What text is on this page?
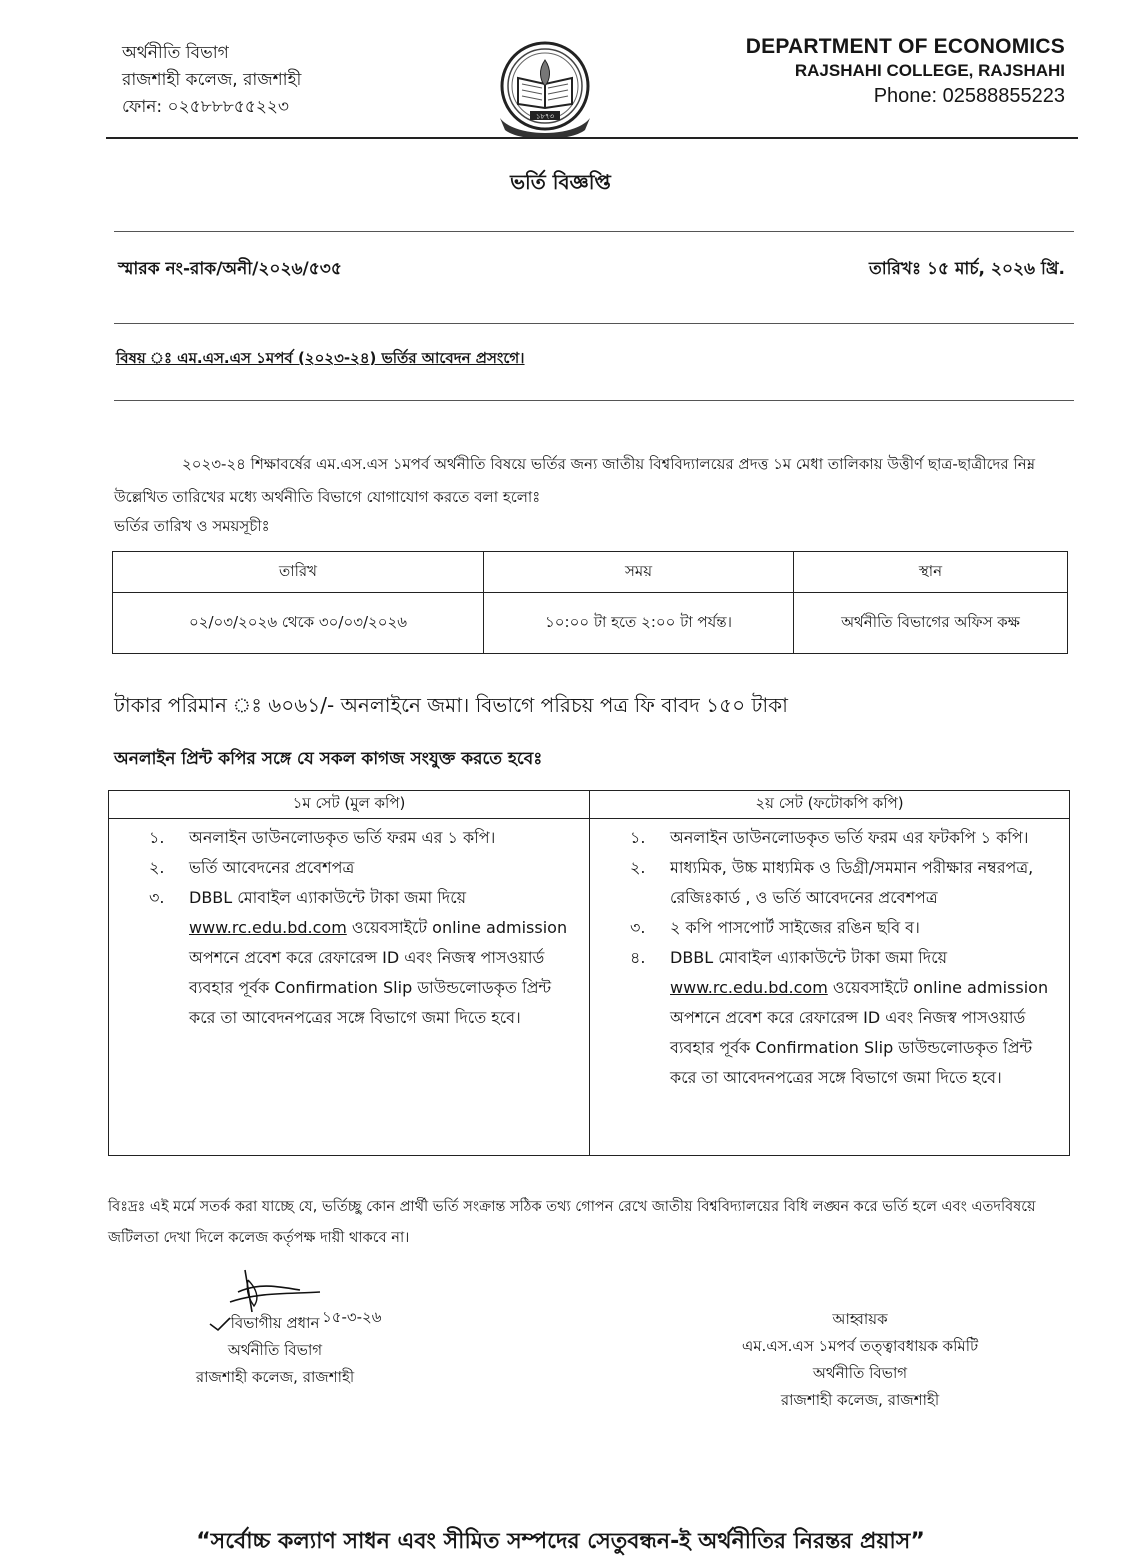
অর্থনীতি বিভাগ
রাজশাহী কলেজ, রাজশাহী
ফোন: ০২৫৮৮৮৫৫২২৩	১৮৭৩
DEPARTMENT OF ECONOMICS
RAJSHAHI COLLEGE, RAJSHAHI
Phone: 02588855223
ভর্তি বিজ্ঞপ্তি
স্মারক নং-রাক/অনী/২০২৬/৫৩৫	তারিখঃ ১৫ মার্চ, ২০২৬ খ্রি.
বিষয় ঃ এম.এস.এস ১মপর্ব (২০২৩-২৪) ভর্তির আবেদন প্রসংগে।
২০২৩-২৪ শিক্ষাবর্ষের এম.এস.এস ১মপর্ব অর্থনীতি বিষয়ে ভর্তির জন্য জাতীয় বিশ্ববিদ্যালয়ের প্রদত্ত ১ম মেধা তালিকায় উত্তীর্ণ ছাত্র-ছাত্রীদের নিম্ন উল্লেখিত তারিখের মধ্যে অর্থনীতি বিভাগে যোগাযোগ করতে বলা হলোঃ
ভর্তির তারিখ ও সময়সূচীঃ
তারিখ	সময়	স্থান
০২/০৩/২০২৬ থেকে ৩০/০৩/২০২৬	১০:০০ টা হতে ২:০০ টা পর্যন্ত।	অর্থনীতি বিভাগের অফিস কক্ষ
টাকার পরিমান ঃ ৬০৬১/- অনলাইনে জমা। বিভাগে পরিচয় পত্র ফি বাবদ ১৫০ টাকা
অনলাইন প্রিন্ট কপির সঙ্গে যে সকল কাগজ সংযুক্ত করতে হবেঃ
১ম সেট (মুল কপি)	২য় সেট (ফটোকপি কপি)

১. অনলাইন ডাউনলোডকৃত ভর্তি ফরম এর ১ কপি।
২. ভর্তি আবেদনের প্রবেশপত্র
৩. DBBL মোবাইল এ্যাকাউন্টে টাকা জমা দিয়ে www.rc.edu.bd.com ওয়েবসাইটে online admission অপশনে প্রবেশ করে রেফারেন্স ID এবং নিজস্ব পাসওয়ার্ড ব্যবহার পূর্বক Confirmation Slip ডাউন্ডলোডকৃত প্রিন্ট করে তা আবেদনপত্রের সঙ্গে বিভাগে জমা দিতে হবে।

১. অনলাইন ডাউনলোডকৃত ভর্তি ফরম এর ফটকপি ১ কপি।
২. মাধ্যমিক, উচ্চ মাধ্যমিক ও ডিগ্রী/সমমান পরীক্ষার নম্বরপত্র, রেজিঃকার্ড , ও ভর্তি আবেদনের প্রবেশপত্র
৩. ২ কপি পাসপোর্ট সাইজের রঙিন ছবি ব।
৪. DBBL মোবাইল এ্যাকাউন্টে টাকা জমা দিয়ে www.rc.edu.bd.com ওয়েবসাইটে online admission অপশনে প্রবেশ করে রেফারেন্স ID এবং নিজস্ব পাসওয়ার্ড ব্যবহার পূর্বক Confirmation Slip ডাউন্ডলোডকৃত প্রিন্ট করে তা আবেদনপত্রের সঙ্গে বিভাগে জমা দিতে হবে।
বিঃদ্রঃ এই মর্মে সতর্ক করা যাচ্ছে যে, ভর্তিচ্ছু কোন প্রার্থী ভর্তি সংক্রান্ত সঠিক তথ্য গোপন রেখে জাতীয় বিশ্ববিদ্যালয়ের বিধি লঙ্ঘন করে ভর্তি হলে এবং এতদবিষয়ে জটিলতা দেখা দিলে কলেজ কর্তৃপক্ষ দায়ী থাকবে না।
১৫-৩-২৬
বিভাগীয় প্রধান
অর্থনীতি বিভাগ
রাজশাহী কলেজ, রাজশাহী
আহ্বায়ক
এম.এস.এস ১মপর্ব তত্ত্বাবধায়ক কমিটি
অর্থনীতি বিভাগ
রাজশাহী কলেজ, রাজশাহী
“সর্বোচ্চ কল্যাণ সাধন এবং সীমিত সম্পদের সেতুবন্ধন-ই অর্থনীতির নিরন্তর প্রয়াস”
